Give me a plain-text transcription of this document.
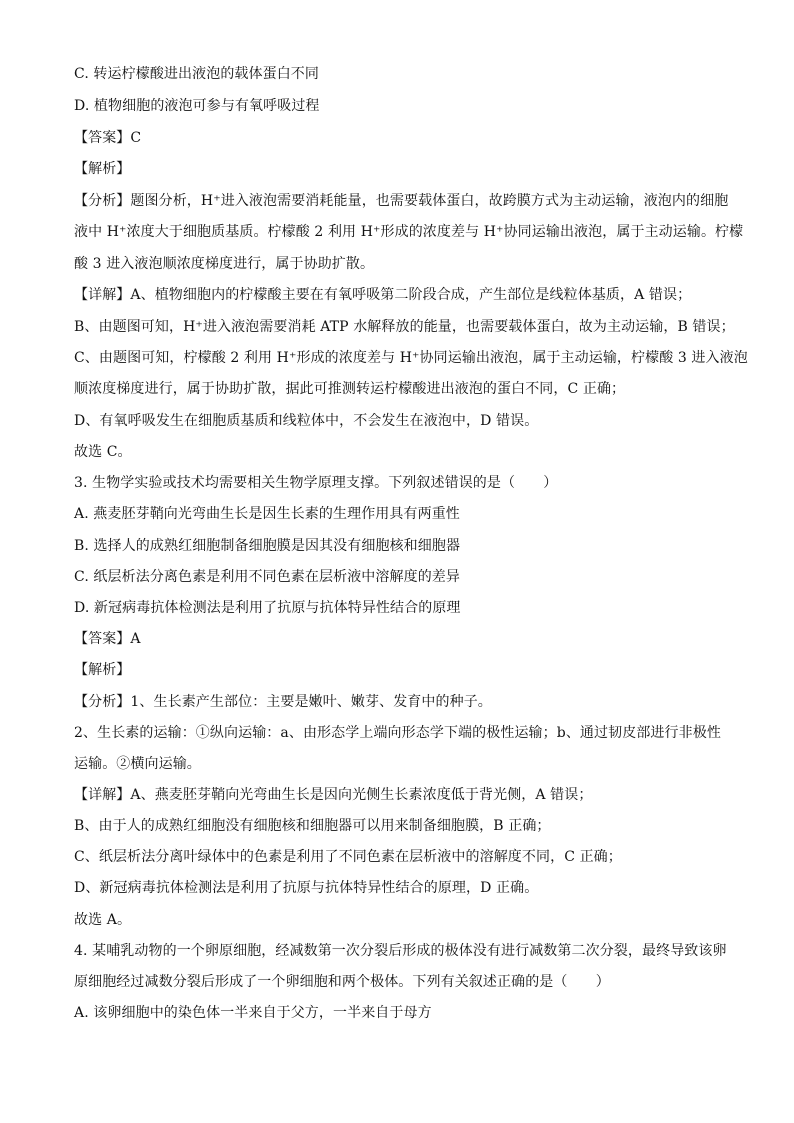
C. 转运柠檬酸进出液泡的载体蛋白不同
D. 植物细胞的液泡可参与有氧呼吸过程
【答案】C
【解析】
【分析】题图分析，H⁺进入液泡需要消耗能量，也需要载体蛋白，故跨膜方式为主动运输，液泡内的细胞
液中 H⁺浓度大于细胞质基质。柠檬酸 2 利用 H⁺形成的浓度差与 H⁺协同运输出液泡，属于主动运输。柠檬
酸 3 进入液泡顺浓度梯度进行，属于协助扩散。
【详解】A、植物细胞内的柠檬酸主要在有氧呼吸第二阶段合成，产生部位是线粒体基质，A 错误；
B、由题图可知，H⁺进入液泡需要消耗 ATP 水解释放的能量，也需要载体蛋白，故为主动运输，B 错误；
C、由题图可知，柠檬酸 2 利用 H⁺形成的浓度差与 H⁺协同运输出液泡，属于主动运输，柠檬酸 3 进入液泡
顺浓度梯度进行，属于协助扩散，据此可推测转运柠檬酸进出液泡的蛋白不同，C 正确；
D、有氧呼吸发生在细胞质基质和线粒体中，不会发生在液泡中，D 错误。
故选 C。
3. 生物学实验或技术均需要相关生物学原理支撑。下列叙述错误的是（　　）
A. 燕麦胚芽鞘向光弯曲生长是因生长素的生理作用具有两重性
B. 选择人的成熟红细胞制备细胞膜是因其没有细胞核和细胞器
C. 纸层析法分离色素是利用不同色素在层析液中溶解度的差异
D. 新冠病毒抗体检测法是利用了抗原与抗体特异性结合的原理
【答案】A
【解析】
【分析】1、生长素产生部位：主要是嫩叶、嫩芽、发育中的种子。
2、生长素的运输：①纵向运输：a、由形态学上端向形态学下端的极性运输；b、通过韧皮部进行非极性
运输。②横向运输。
【详解】A、燕麦胚芽鞘向光弯曲生长是因向光侧生长素浓度低于背光侧，A 错误；
B、由于人的成熟红细胞没有细胞核和细胞器可以用来制备细胞膜，B 正确；
C、纸层析法分离叶绿体中的色素是利用了不同色素在层析液中的溶解度不同，C 正确；
D、新冠病毒抗体检测法是利用了抗原与抗体特异性结合的原理，D 正确。
故选 A。
4. 某哺乳动物的一个卵原细胞，经减数第一次分裂后形成的极体没有进行减数第二次分裂，最终导致该卵
原细胞经过减数分裂后形成了一个卵细胞和两个极体。下列有关叙述正确的是（　　）
A. 该卵细胞中的染色体一半来自于父方，一半来自于母方
